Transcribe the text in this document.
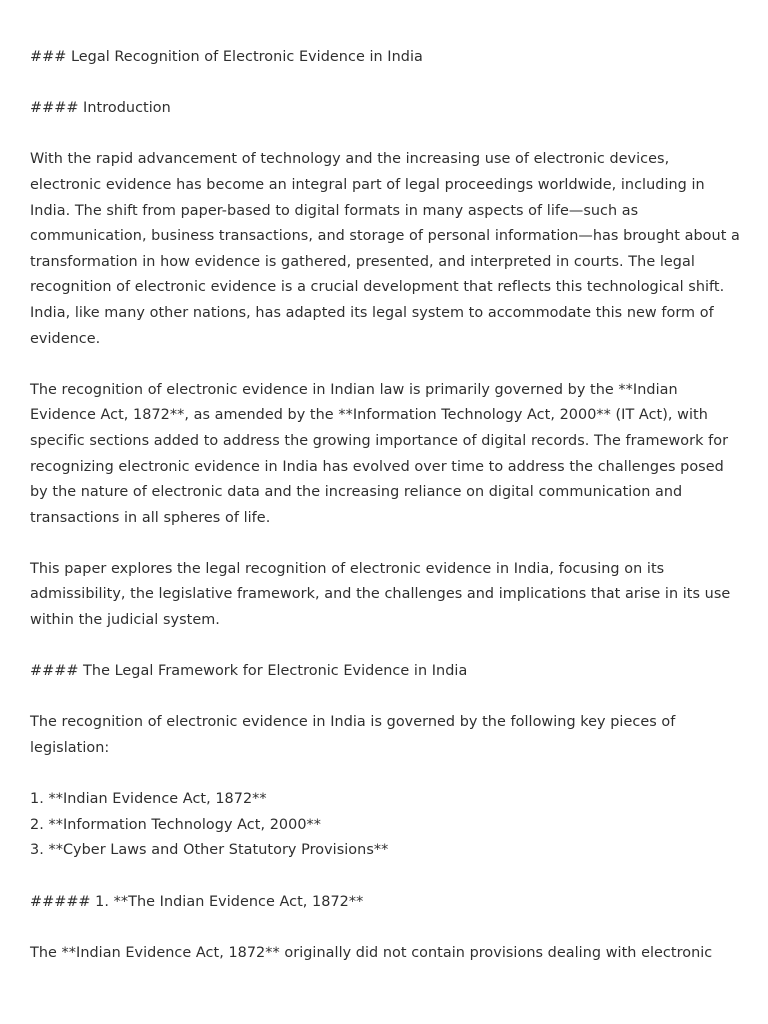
### Legal Recognition of Electronic Evidence in India

#### Introduction

With the rapid advancement of technology and the increasing use of electronic devices, electronic evidence has become an integral part of legal proceedings worldwide, including in India. The shift from paper-based to digital formats in many aspects of life—such as communication, business transactions, and storage of personal information—has brought about a transformation in how evidence is gathered, presented, and interpreted in courts. The legal recognition of electronic evidence is a crucial development that reflects this technological shift. India, like many other nations, has adapted its legal system to accommodate this new form of evidence.

The recognition of electronic evidence in Indian law is primarily governed by the **Indian Evidence Act, 1872**, as amended by the **Information Technology Act, 2000** (IT Act), with specific sections added to address the growing importance of digital records. The framework for recognizing electronic evidence in India has evolved over time to address the challenges posed by the nature of electronic data and the increasing reliance on digital communication and transactions in all spheres of life.

This paper explores the legal recognition of electronic evidence in India, focusing on its admissibility, the legislative framework, and the challenges and implications that arise in its use within the judicial system.

#### The Legal Framework for Electronic Evidence in India

The recognition of electronic evidence in India is governed by the following key pieces of legislation:

1. **Indian Evidence Act, 1872**
2. **Information Technology Act, 2000**
3. **Cyber Laws and Other Statutory Provisions**

##### 1. **The Indian Evidence Act, 1872**

The **Indian Evidence Act, 1872** originally did not contain provisions dealing with electronic
